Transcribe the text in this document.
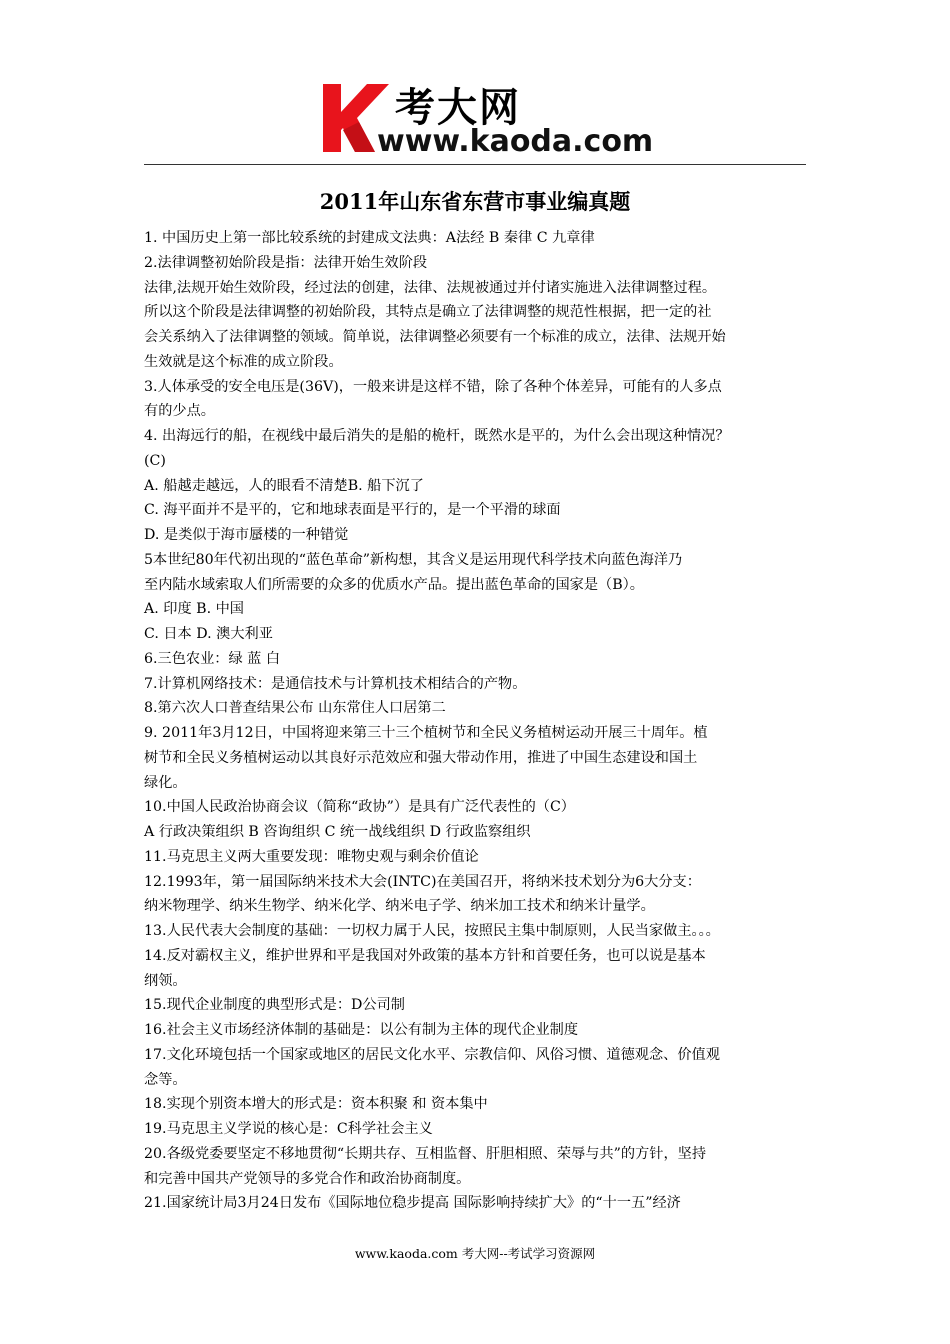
考大网
www.kaoda.com
2011年山东省东营市事业编真题
1. 中国历史上第一部比较系统的封建成文法典：A法经 B 秦律 C 九章律
2.法律调整初始阶段是指：法律开始生效阶段
法律,法规开始生效阶段，经过法的创建，法律、法规被通过并付诸实施进入法律调整过程。
所以这个阶段是法律调整的初始阶段，其特点是确立了法律调整的规范性根据，把一定的社
会关系纳入了法律调整的领域。简单说，法律调整必须要有一个标准的成立，法律、法规开始
生效就是这个标准的成立阶段。
3.人体承受的安全电压是(36V)，一般来讲是这样不错，除了各种个体差异，可能有的人多点
有的少点。
4. 出海远行的船，在视线中最后消失的是船的桅杆，既然水是平的，为什么会出现这种情况？
(C)
A. 船越走越远，人的眼看不清楚B. 船下沉了
C. 海平面并不是平的，它和地球表面是平行的，是一个平滑的球面
D. 是类似于海市蜃楼的一种错觉
5本世纪80年代初出现的“蓝色革命”新构想，其含义是运用现代科学技术向蓝色海洋乃
至内陆水域索取人们所需要的众多的优质水产品。提出蓝色革命的国家是（B）。
A. 印度 B. 中国
C. 日本 D. 澳大利亚
6.三色农业：绿 蓝 白
7.计算机网络技术：是通信技术与计算机技术相结合的产物。
8.第六次人口普查结果公布 山东常住人口居第二
9. 2011年3月12日，中国将迎来第三十三个植树节和全民义务植树运动开展三十周年。植
树节和全民义务植树运动以其良好示范效应和强大带动作用，推进了中国生态建设和国土
绿化。
10.中国人民政治协商会议（简称“政协”）是具有广泛代表性的（C）
A 行政决策组织 B 咨询组织 C 统一战线组织 D 行政监察组织
11.马克思主义两大重要发现：唯物史观与剩余价值论
12.1993年，第一届国际纳米技术大会(INTC)在美国召开，将纳米技术划分为6大分支：
纳米物理学、纳米生物学、纳米化学、纳米电子学、纳米加工技术和纳米计量学。
13.人民代表大会制度的基础：一切权力属于人民，按照民主集中制原则，人民当家做主。。。
14.反对霸权主义，维护世界和平是我国对外政策的基本方针和首要任务，也可以说是基本
纲领。
15.现代企业制度的典型形式是：D公司制
16.社会主义市场经济体制的基础是：以公有制为主体的现代企业制度
17.文化环境包括一个国家或地区的居民文化水平、宗教信仰、风俗习惯、道德观念、价值观
念等。
18.实现个别资本增大的形式是：资本积聚 和 资本集中
19.马克思主义学说的核心是：C科学社会主义
20.各级党委要坚定不移地贯彻“长期共存、互相监督、肝胆相照、荣辱与共”的方针，坚持
和完善中国共产党领导的多党合作和政治协商制度。
21.国家统计局3月24日发布《国际地位稳步提高 国际影响持续扩大》的“十一五”经济
www.kaoda.com 考大网--考试学习资源网
